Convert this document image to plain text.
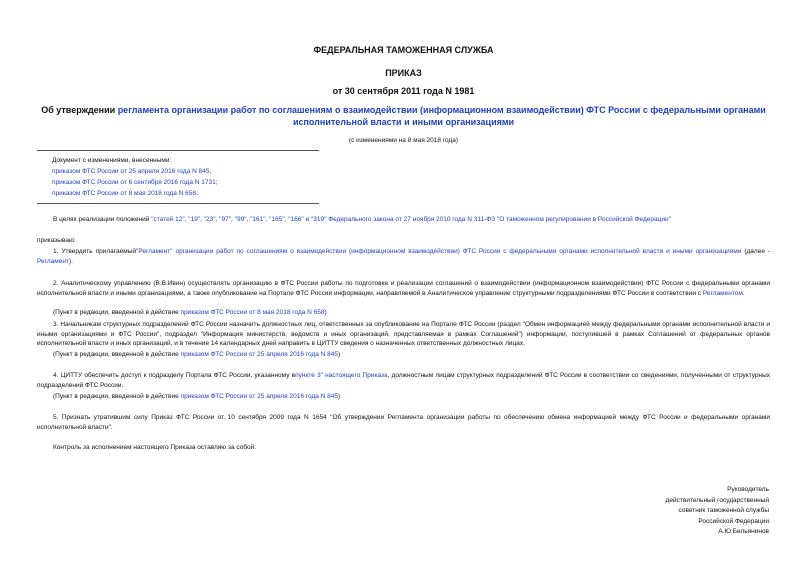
ФЕДЕРАЛЬНАЯ ТАМОЖЕННАЯ СЛУЖБА
ПРИКАЗ
от 30 сентября 2011 года N 1981
Об утверждении регламента организации работ по соглашениям о взаимодействии (информационном взаимодействии) ФТС России с федеральными органами исполнительной власти и иными организациями
(с изменениями на 8 мая 2018 года)
Документ с изменениями, внесенными:
приказом ФТС России от 25 апреля 2016 года N 845;
приказом ФТС России от 6 сентября 2016 года N 1731;
приказом ФТС России от 8 мая 2018 года N 658.
В целях реализации положений "статей 12", "19", "23", "97", "99", "161", "165", "166" и "319" Федерального закона от 27 ноября 2010 года N 311-ФЗ "О таможенном регулировании в Российской Федерации"
приказываю:
1. Утвердить прилагаемый"Регламент" организации работ по соглашениям о взаимодействии (информационном взаимодействии) ФТС России с федеральными органами исполнительной власти и иными организациями (далее - Регламент).
2. Аналитическому управлению (В.В.Ивин) осуществлять организацию в ФТС России работы по подготовке и реализации соглашений о взаимодействии (информационном взаимодействии) ФТС России с федеральными органами исполнительной власти и иными организациями, а также опубликование на Портале ФТС России информации, направляемой в Аналитическое управление структурными подразделениями ФТС России в соответствии с Регламентом.
(Пункт в редакции, введенной в действие приказом ФТС России от 8 мая 2018 года N 658)
3. Начальникам структурных подразделений ФТС России назначить должностных лиц, ответственных за опубликование на Портале ФТС России (раздел "Обмен информацией между федеральными органами исполнительной власти и иными организациями и ФТС России", подраздел "Информация министерств, ведомств и иных организаций, представляемая в рамках Соглашений") информации, поступившей в рамках Соглашений от федеральных органов исполнительной власти и иных организаций, и в течение 14 календарных дней направить в ЦИТТУ сведения о назначенных ответственных должностных лицах.
(Пункт в редакции, введенной в действие приказом ФТС России от 25 апреля 2016 года N 845)
4. ЦИТТУ обеспечить доступ к подразделу Портала ФТС России, указанному впункте 3" настоящего Приказа, должностным лицам структурных подразделений ФТС России в соответствии со сведениями, полученными от структурных подразделений ФТС России.
(Пункт в редакции, введенной в действие приказом ФТС России от 25 апреля 2016 года N 845)
5. Признать утратившим силу Приказ ФТС России от 10 сентября 2009 года N 1654 "Об утверждении Регламента организации работы по обеспечению обмена информацией между ФТС России и федеральными органами исполнительной власти".
Контроль за исполнением настоящего Приказа оставляю за собой.
Руководитель
действительный государственный
советник таможенной службы
Российской Федерации
А.Ю.Бельянинов
